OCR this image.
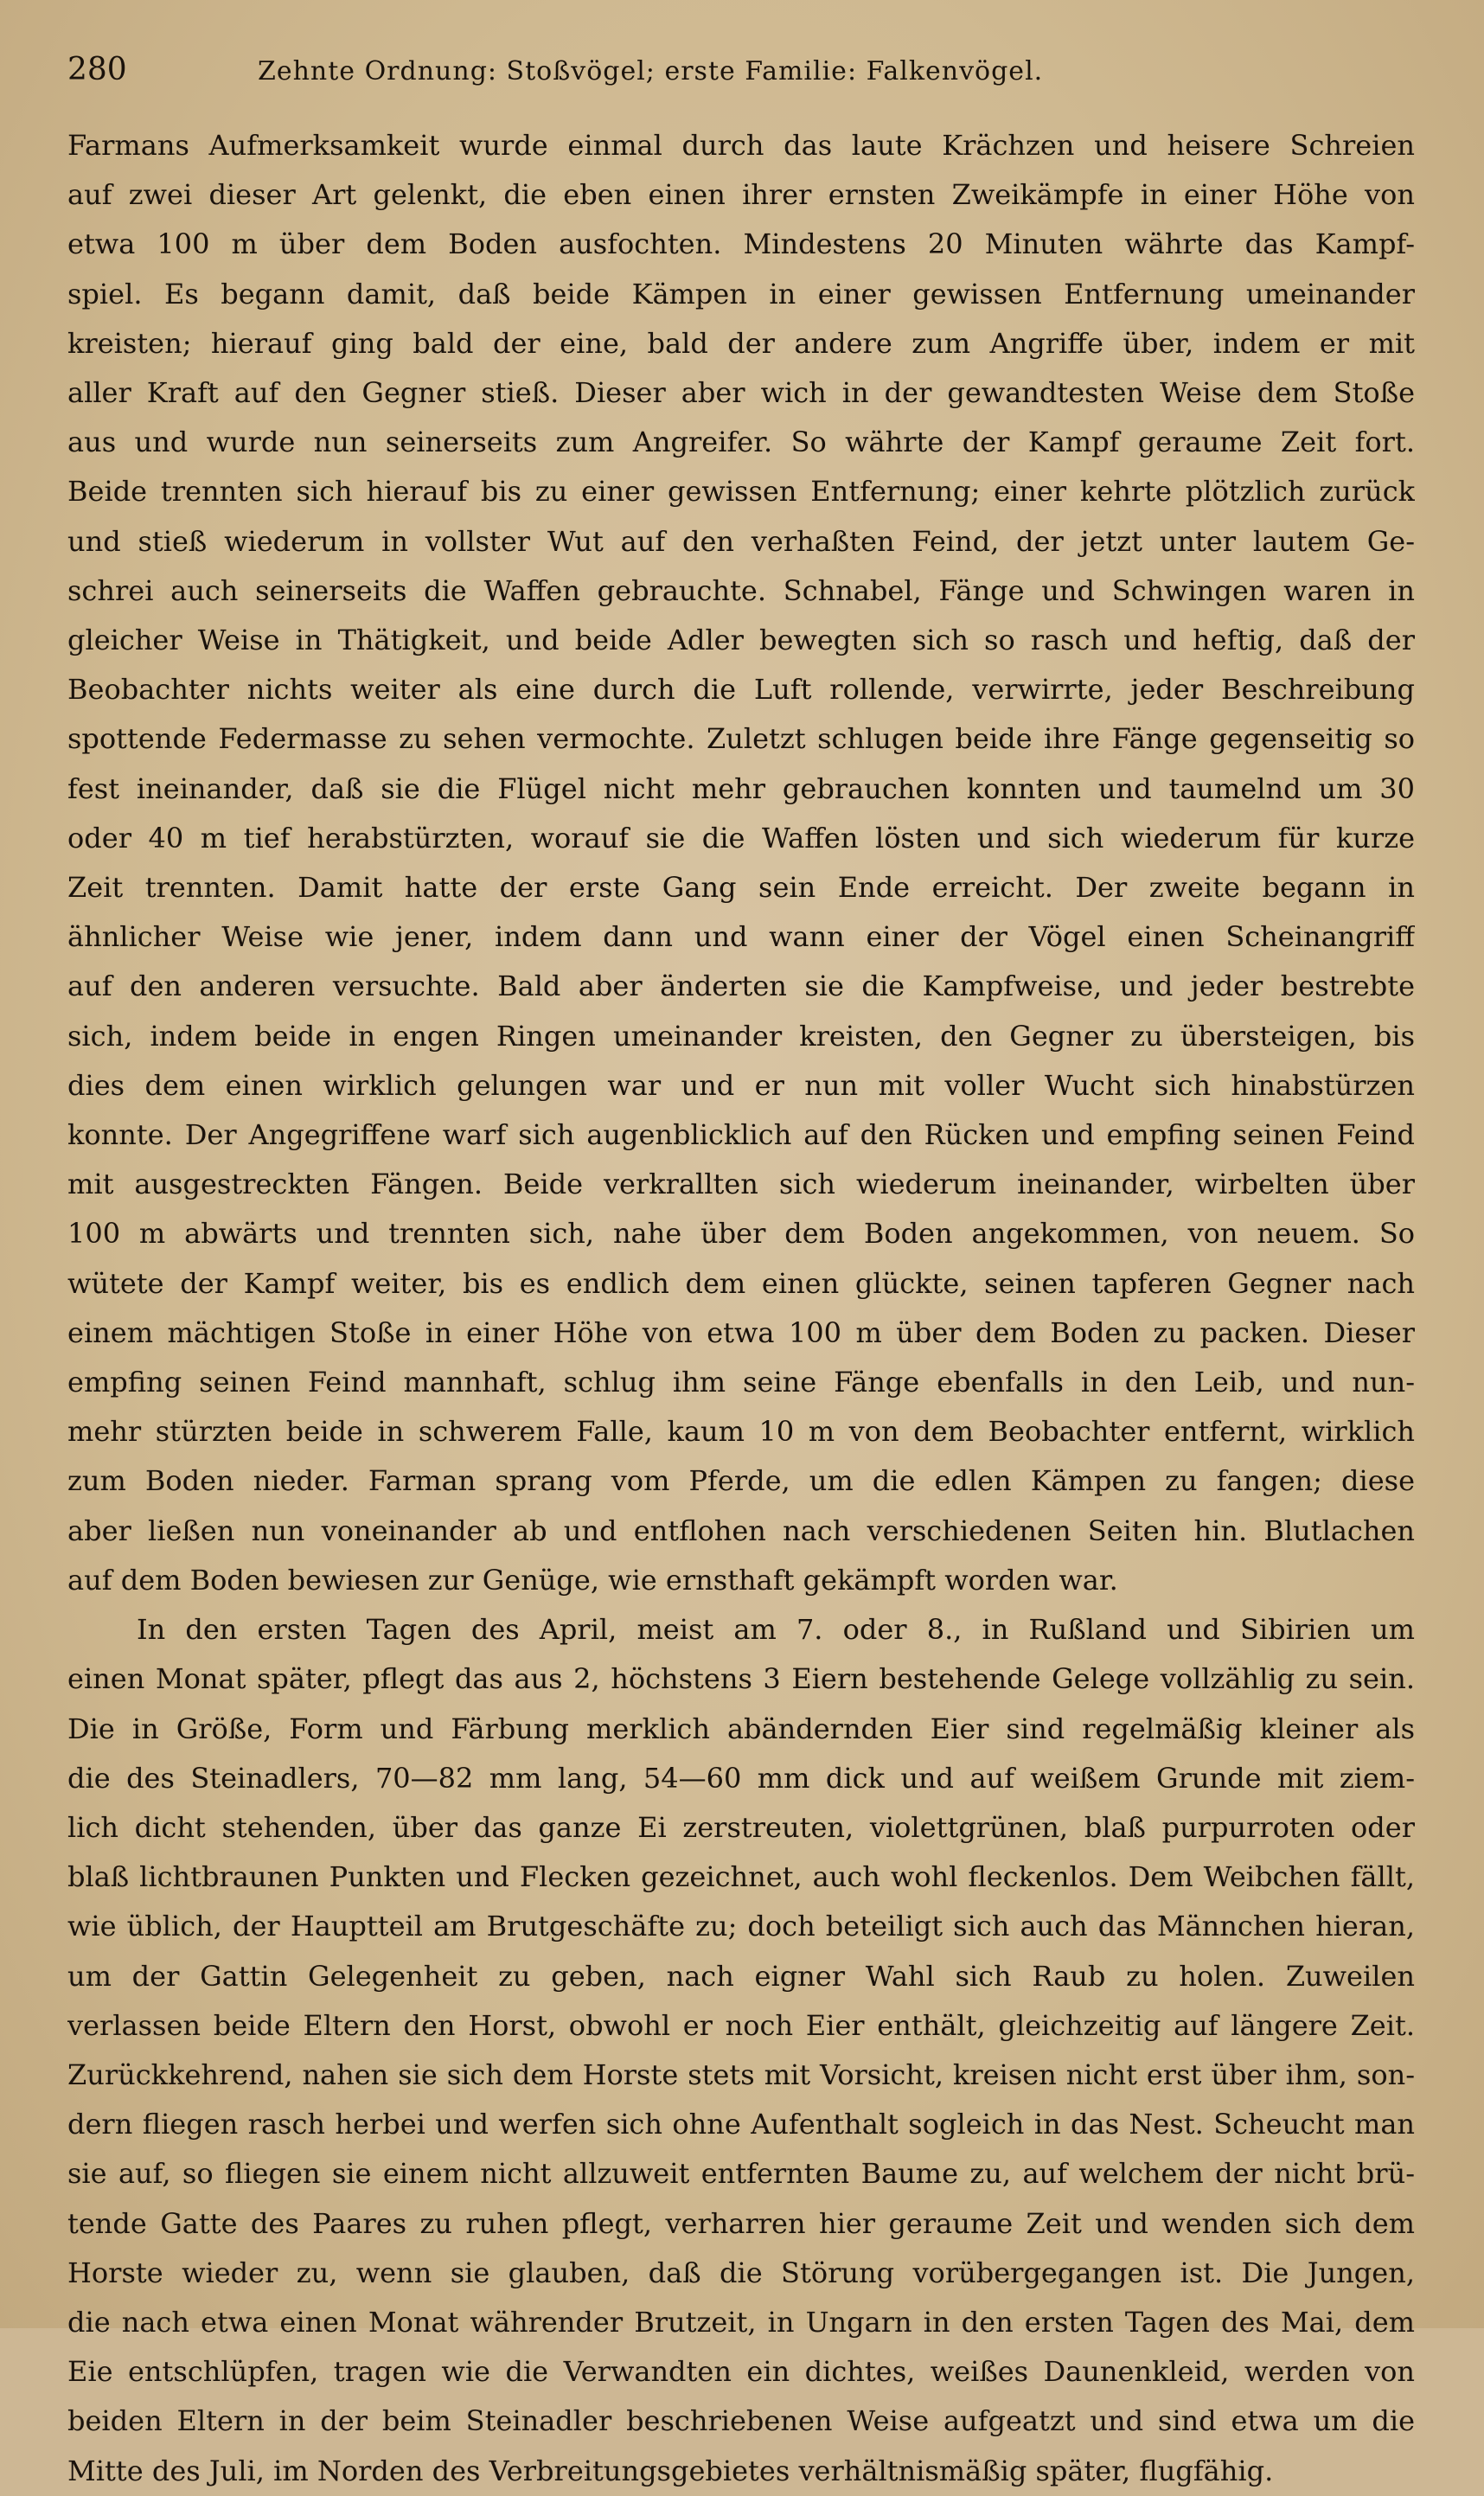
280	Zehnte Ordnung: Stoßvögel; erste Familie: Falkenvögel.
Farmans Aufmerksamkeit wurde einmal durch das laute Krächzen und heisere Schreien
auf zwei dieser Art gelenkt, die eben einen ihrer ernsten Zweikämpfe in einer Höhe von
etwa 100 m über dem Boden ausfochten. Mindestens 20 Minuten währte das Kampf-
spiel. Es begann damit, daß beide Kämpen in einer gewissen Entfernung umeinander
kreisten; hierauf ging bald der eine, bald der andere zum Angriffe über, indem er mit
aller Kraft auf den Gegner stieß. Dieser aber wich in der gewandtesten Weise dem Stoße
aus und wurde nun seinerseits zum Angreifer. So währte der Kampf geraume Zeit fort.
Beide trennten sich hierauf bis zu einer gewissen Entfernung; einer kehrte plötzlich zurück
und stieß wiederum in vollster Wut auf den verhaßten Feind, der jetzt unter lautem Ge-
schrei auch seinerseits die Waffen gebrauchte. Schnabel, Fänge und Schwingen waren in
gleicher Weise in Thätigkeit, und beide Adler bewegten sich so rasch und heftig, daß der
Beobachter nichts weiter als eine durch die Luft rollende, verwirrte, jeder Beschreibung
spottende Federmasse zu sehen vermochte. Zuletzt schlugen beide ihre Fänge gegenseitig so
fest ineinander, daß sie die Flügel nicht mehr gebrauchen konnten und taumelnd um 30
oder 40 m tief herabstürzten, worauf sie die Waffen lösten und sich wiederum für kurze
Zeit trennten. Damit hatte der erste Gang sein Ende erreicht. Der zweite begann in
ähnlicher Weise wie jener, indem dann und wann einer der Vögel einen Scheinangriff
auf den anderen versuchte. Bald aber änderten sie die Kampfweise, und jeder bestrebte
sich, indem beide in engen Ringen umeinander kreisten, den Gegner zu übersteigen, bis
dies dem einen wirklich gelungen war und er nun mit voller Wucht sich hinabstürzen
konnte. Der Angegriffene warf sich augenblicklich auf den Rücken und empfing seinen Feind
mit ausgestreckten Fängen. Beide verkrallten sich wiederum ineinander, wirbelten über
100 m abwärts und trennten sich, nahe über dem Boden angekommen, von neuem. So
wütete der Kampf weiter, bis es endlich dem einen glückte, seinen tapferen Gegner nach
einem mächtigen Stoße in einer Höhe von etwa 100 m über dem Boden zu packen. Dieser
empfing seinen Feind mannhaft, schlug ihm seine Fänge ebenfalls in den Leib, und nun-
mehr stürzten beide in schwerem Falle, kaum 10 m von dem Beobachter entfernt, wirklich
zum Boden nieder. Farman sprang vom Pferde, um die edlen Kämpen zu fangen; diese
aber ließen nun voneinander ab und entflohen nach verschiedenen Seiten hin. Blutlachen
auf dem Boden bewiesen zur Genüge, wie ernsthaft gekämpft worden war.
In den ersten Tagen des April, meist am 7. oder 8., in Rußland und Sibirien um
einen Monat später, pflegt das aus 2, höchstens 3 Eiern bestehende Gelege vollzählig zu sein.
Die in Größe, Form und Färbung merklich abändernden Eier sind regelmäßig kleiner als
die des Steinadlers, 70—82 mm lang, 54—60 mm dick und auf weißem Grunde mit ziem-
lich dicht stehenden, über das ganze Ei zerstreuten, violettgrünen, blaß purpurroten oder
blaß lichtbraunen Punkten und Flecken gezeichnet, auch wohl fleckenlos. Dem Weibchen fällt,
wie üblich, der Hauptteil am Brutgeschäfte zu; doch beteiligt sich auch das Männchen hieran,
um der Gattin Gelegenheit zu geben, nach eigner Wahl sich Raub zu holen. Zuweilen
verlassen beide Eltern den Horst, obwohl er noch Eier enthält, gleichzeitig auf längere Zeit.
Zurückkehrend, nahen sie sich dem Horste stets mit Vorsicht, kreisen nicht erst über ihm, son-
dern fliegen rasch herbei und werfen sich ohne Aufenthalt sogleich in das Nest. Scheucht man
sie auf, so fliegen sie einem nicht allzuweit entfernten Baume zu, auf welchem der nicht brü-
tende Gatte des Paares zu ruhen pflegt, verharren hier geraume Zeit und wenden sich dem
Horste wieder zu, wenn sie glauben, daß die Störung vorübergegangen ist. Die Jungen,
die nach etwa einen Monat währender Brutzeit, in Ungarn in den ersten Tagen des Mai, dem
Eie entschlüpfen, tragen wie die Verwandten ein dichtes, weißes Daunenkleid, werden von
beiden Eltern in der beim Steinadler beschriebenen Weise aufgeatzt und sind etwa um die
Mitte des Juli, im Norden des Verbreitungsgebietes verhältnismäßig später, flugfähig.
